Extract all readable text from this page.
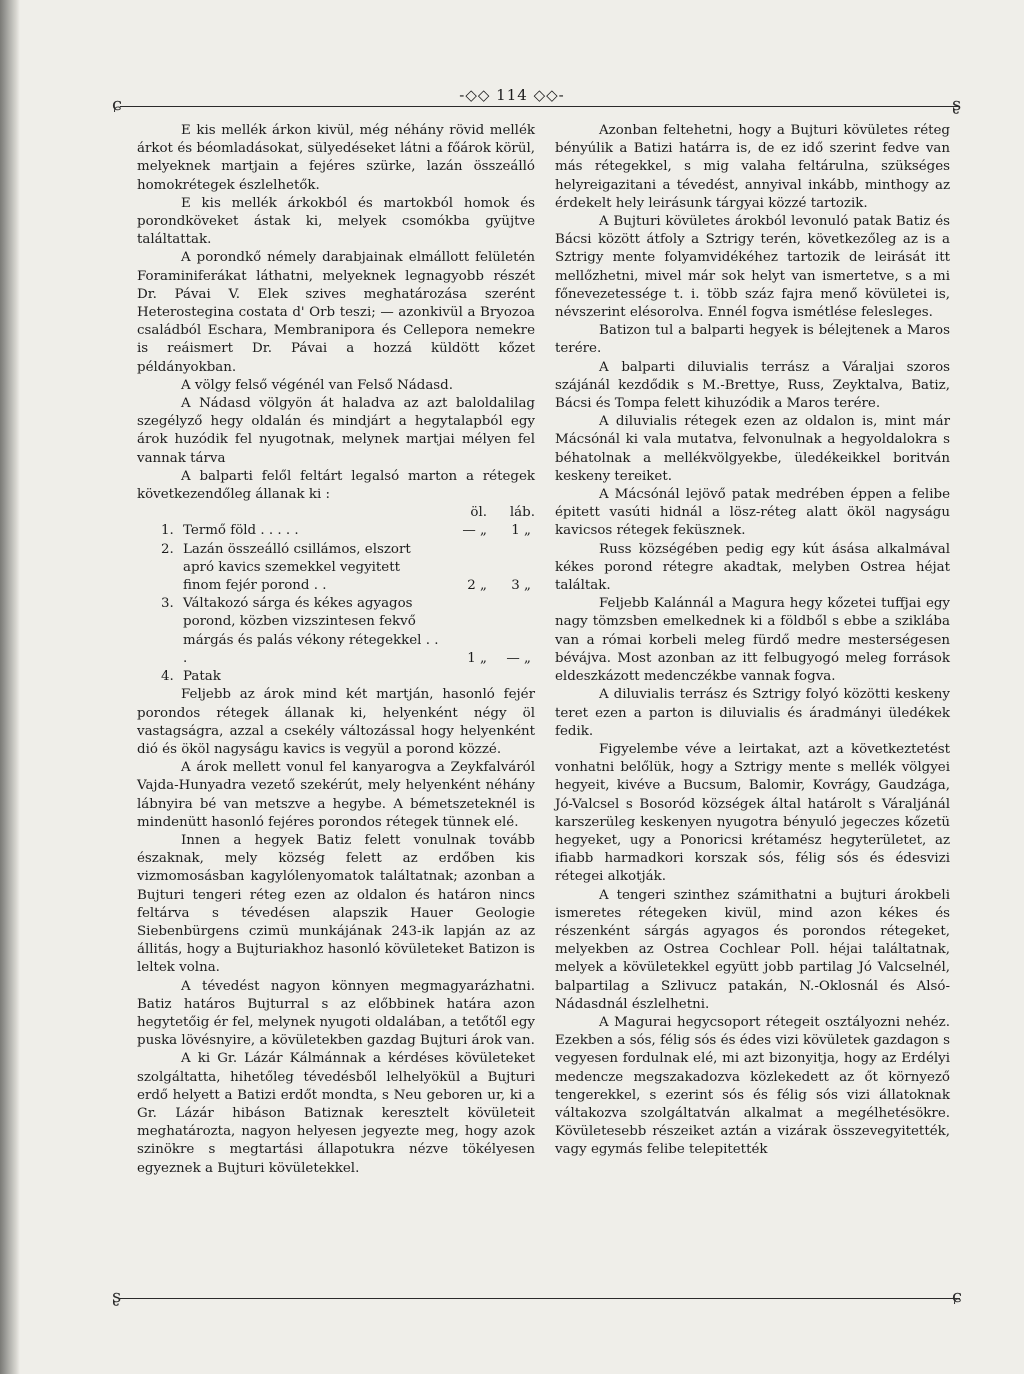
-◇◇ 114 ◇◇-
ɕ	ʂ

E kis mellék árkon kivül, még néhány rövid mellék árkot és béomladásokat, sülyedéseket látni a főárok körül, melyeknek martjain a fejéres szürke, lazán összeálló homokrétegek észlelhetők.

E kis mellék árkokból és martokból homok és porondköveket ástak ki, melyek csomókba gyüjtve találtattak.

A porondkő némely darabjainak elmállott felületén Foraminiferákat láthatni, melyeknek legnagyobb részét Dr. Pávai V. Elek szives meghatározása szerént Heterostegina costata d' Orb teszi; — azonkivül a Bryozoa családból Eschara, Membranipora és Cellepora nemekre is reáismert Dr. Pávai a hozzá küldött kőzet példányokban.

A völgy felső végénél van Felső Nádasd.

A Nádasd völgyön át haladva az azt baloldalilag szegélyző hegy oldalán és mindjárt a hegytalapból egy árok huzódik fel nyugotnak, melynek martjai mélyen fel vannak tárva

A balparti felől feltárt legalsó marton a rétegek következendőleg állanak ki :

		öl.	láb.
1.	Termő föld . . . . .	— „	1 „
2.	Lazán összeálló csillámos, elszort apró kavics szemekkel vegyitett finom fejér porond . .	2 „	3 „
3.	Váltakozó sárga és kékes agyagos porond, közben vizszintesen fekvő márgás és palás vékony rétegekkel . . .	1 „	— „
4.	Patak		

Feljebb az árok mind két martján, hasonló fejér porondos rétegek állanak ki, helyenként négy öl vastagságra, azzal a csekély változással hogy helyenként dió és ököl nagyságu kavics is vegyül a porond közzé.

A árok mellett vonul fel kanyarogva a Zeykfalváról Vajda-Hunyadra vezető szekérút, mely helyenként néhány lábnyira bé van metszve a hegybe. A bémetszeteknél is mindenütt hasonló fejéres porondos rétegek tünnek elé.

Innen a hegyek Batiz felett vonulnak tovább északnak, mely község felett az erdőben kis vizmomosásban kagylólenyomatok találtatnak; azonban a Bujturi tengeri réteg ezen az oldalon és határon nincs feltárva s tévedésen alapszik Hauer Geologie Siebenbürgens czimü munkájának 243-ik lapján az az állitás, hogy a Bujturiakhoz hasonló kövületeket Batizon is leltek volna.

A tévedést nagyon könnyen megmagyarázhatni. Batiz határos Bujturral s az előbbinek határa azon hegytetőig ér fel, melynek nyugoti oldalában, a tetőtől egy puska lövésnyire, a kövületekben gazdag Bujturi árok van.

A ki Gr. Lázár Kálmánnak a kérdéses kövületeket szolgáltatta, hihetőleg tévedésből lelhelyökül a Bujturi erdő helyett a Batizi erdőt mondta, s Neu geboren ur, ki a Gr. Lázár hibáson Batiznak keresztelt kövületeit meghatározta, nagyon helyesen jegyezte meg, hogy azok szinökre s megtartási állapotukra nézve tökélyesen egyeznek a Bujturi kövületekkel.

Azonban feltehetni, hogy a Bujturi kövületes réteg bényúlik a Batizi határra is, de ez idő szerint fedve van más rétegekkel, s mig valaha feltárulna, szükséges helyreigazitani a tévedést, annyival inkább, minthogy az érdekelt hely leirásunk tárgyai közzé tartozik.

A Bujturi kövületes árokból levonuló patak Batiz és Bácsi között átfoly a Sztrigy terén, következőleg az is a Sztrigy mente folyamvidékéhez tartozik de leirását itt mellőzhetni, mivel már sok helyt van ismertetve, s a mi főnevezetessége t. i. több száz fajra menő kövületei is, névszerint elésorolva. Ennél fogva ismétlése felesleges.

Batizon tul a balparti hegyek is bélejtenek a Maros terére.

A balparti diluvialis terrász a Váraljai szoros szájánál kezdődik s M.-Brettye, Russ, Zeyktalva, Batiz, Bácsi és Tompa felett kihuzódik a Maros terére.

A diluvialis rétegek ezen az oldalon is, mint már Mácsónál ki vala mutatva, felvonulnak a hegyoldalokra s béhatolnak a mellékvölgyekbe, üledékeikkel boritván keskeny tereiket.

A Mácsónál lejövő patak medrében éppen a felibe épitett vasúti hidnál a lösz-réteg alatt ököl nagyságu kavicsos rétegek feküsznek.

Russ községében pedig egy kút ásása alkalmával kékes porond rétegre akadtak, melyben Ostrea héjat találtak.

Feljebb Kalánnál a Magura hegy kőzetei tuffjai egy nagy tömzsben emelkednek ki a földből s ebbe a sziklába van a római korbeli meleg fürdő medre mesterségesen bévájva. Most azonban az itt felbugyogó meleg források eldeszkázott medenczékbe vannak fogva.

A diluvialis terrász és Sztrigy folyó közötti keskeny teret ezen a parton is diluvialis és áradmányi üledékek fedik.

Figyelembe véve a leirtakat, azt a következtetést vonhatni belőlük, hogy a Sztrigy mente s mellék völgyei hegyeit, kivéve a Bucsum, Balomir, Kovrágy, Gaudzága, Jó-Valcsel s Bosoród községek által határolt s Váraljánál karszerüleg keskenyen nyugotra bényuló jegeczes kőzetü hegyeket, ugy a Ponoricsi krétamész hegyterületet, az ifiabb harmadkori korszak sós, félig sós és édesvizi rétegei alkotják.

A tengeri szinthez számithatni a bujturi árokbeli ismeretes rétegeken kivül, mind azon kékes és részenként sárgás agyagos és porondos rétegeket, melyekben az Ostrea Cochlear Poll. héjai találtatnak, melyek a kövületekkel együtt jobb partilag Jó Valcselnél, balpartilag a Szlivucz patakán, N.-Oklosnál és Alsó-Nádasdnál észlelhetni.

A Magurai hegycsoport rétegeit osztályozni nehéz. Ezekben a sós, félig sós és édes vizi kövületek gazdagon s vegyesen fordulnak elé, mi azt bizonyitja, hogy az Erdélyi medencze megszakadozva közlekedett az őt környező tengerekkel, s ezerint sós és félig sós vizi állatoknak váltakozva szolgáltatván alkalmat a megélhetésökre. Kövületesebb részeiket aztán a vizárak összevegyitették, vagy egymás felibe telepitették

ʂ	ɕ
